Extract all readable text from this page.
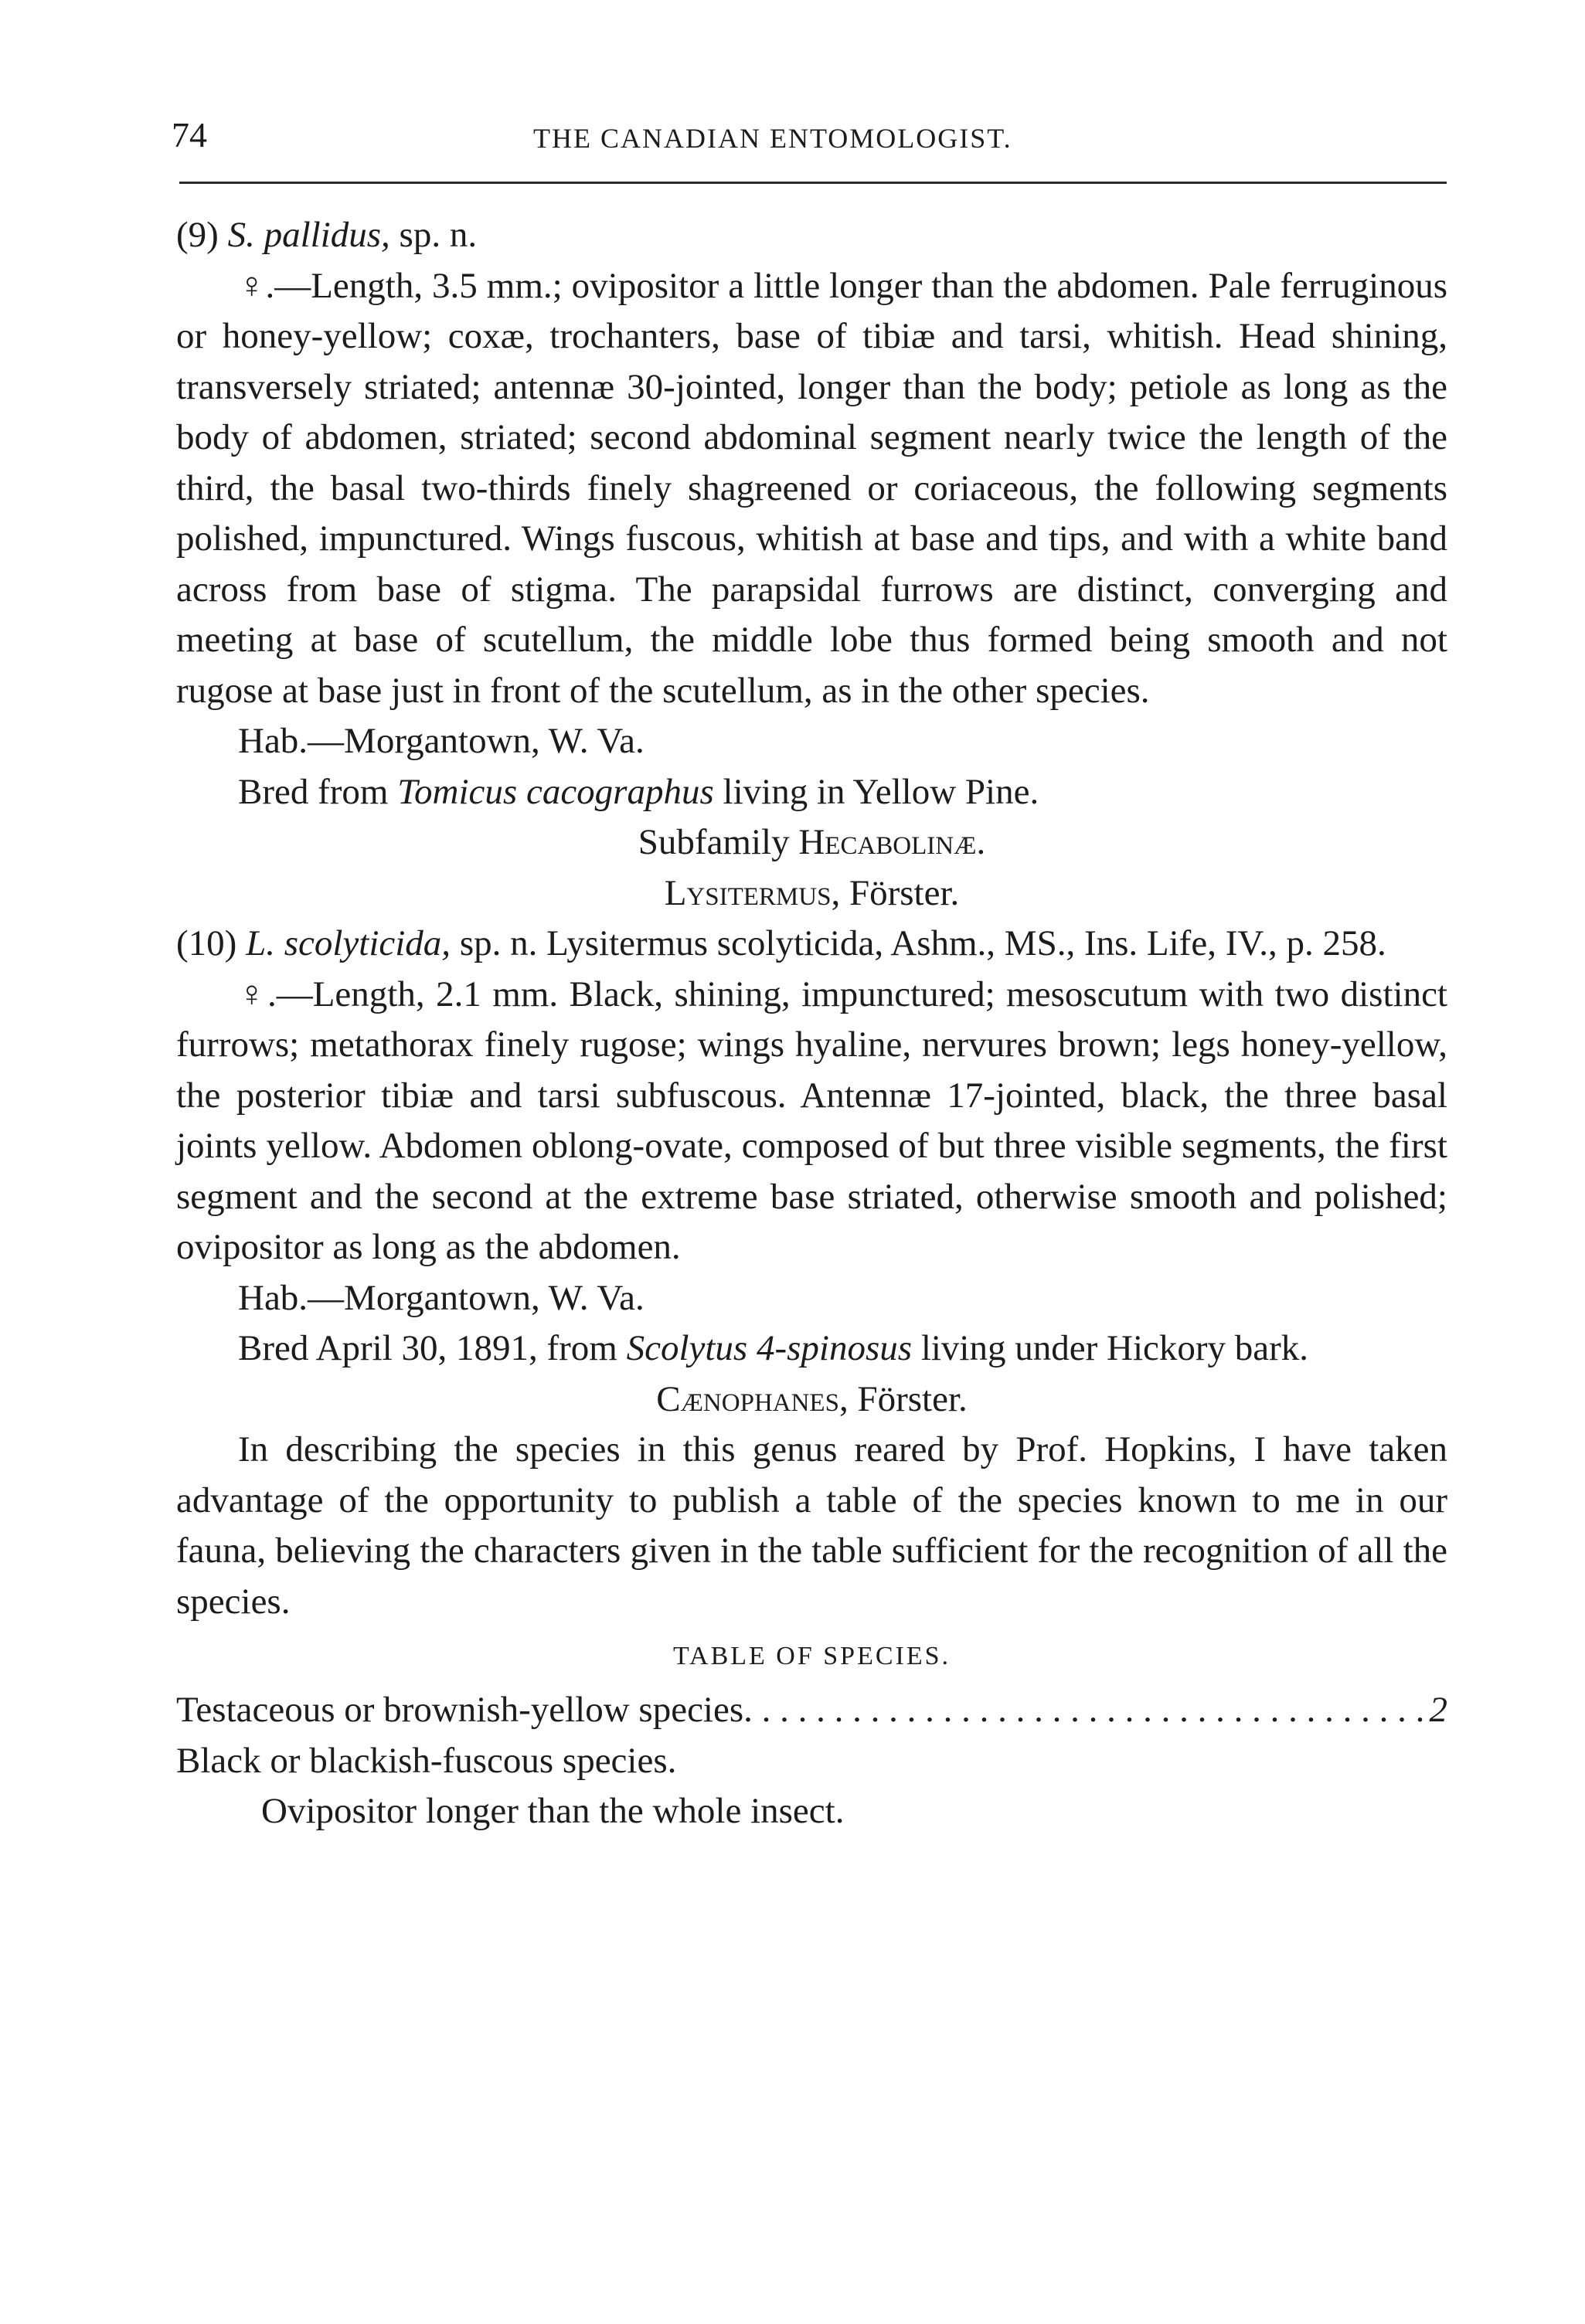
74	THE CANADIAN ENTOMOLOGIST.

(9) S. pallidus, sp. n.

♀.—Length, 3.5 mm.; ovipositor a little longer than the abdomen. Pale ferruginous or honey-yellow; coxæ, trochanters, base of tibiæ and tarsi, whitish. Head shining, transversely striated; antennæ 30-jointed, longer than the body; petiole as long as the body of abdomen, striated; second abdominal segment nearly twice the length of the third, the basal two-thirds finely shagreened or coriaceous, the following segments polished, impunctured. Wings fuscous, whitish at base and tips, and with a white band across from base of stigma. The parapsidal furrows are distinct, converging and meeting at base of scutellum, the middle lobe thus formed being smooth and not rugose at base just in front of the scutellum, as in the other species.

Hab.—Morgantown, W. Va.

Bred from Tomicus cacographus living in Yellow Pine.

Subfamily Hecabolinæ.

Lysitermus, Förster.

(10) L. scolyticida, sp. n. Lysitermus scolyticida, Ashm., MS., Ins. Life, IV., p. 258.

♀.—Length, 2.1 mm. Black, shining, impunctured; mesoscutum with two distinct furrows; metathorax finely rugose; wings hyaline, nervures brown; legs honey-yellow, the posterior tibiæ and tarsi subfuscous. Antennæ 17-jointed, black, the three basal joints yellow. Abdomen oblong-ovate, composed of but three visible segments, the first segment and the second at the extreme base striated, otherwise smooth and polished; ovipositor as long as the abdomen.

Hab.—Morgantown, W. Va.

Bred April 30, 1891, from Scolytus 4-spinosus living under Hickory bark.

Cænophanes, Förster.

In describing the species in this genus reared by Prof. Hopkins, I have taken advantage of the opportunity to publish a table of the species known to me in our fauna, believing the characters given in the table sufficient for the recognition of all the species.

TABLE OF SPECIES.

Testaceous or brownish-yellow species
. . .	2

Black or blackish-fuscous species.

Ovipositor longer than the whole insect.
